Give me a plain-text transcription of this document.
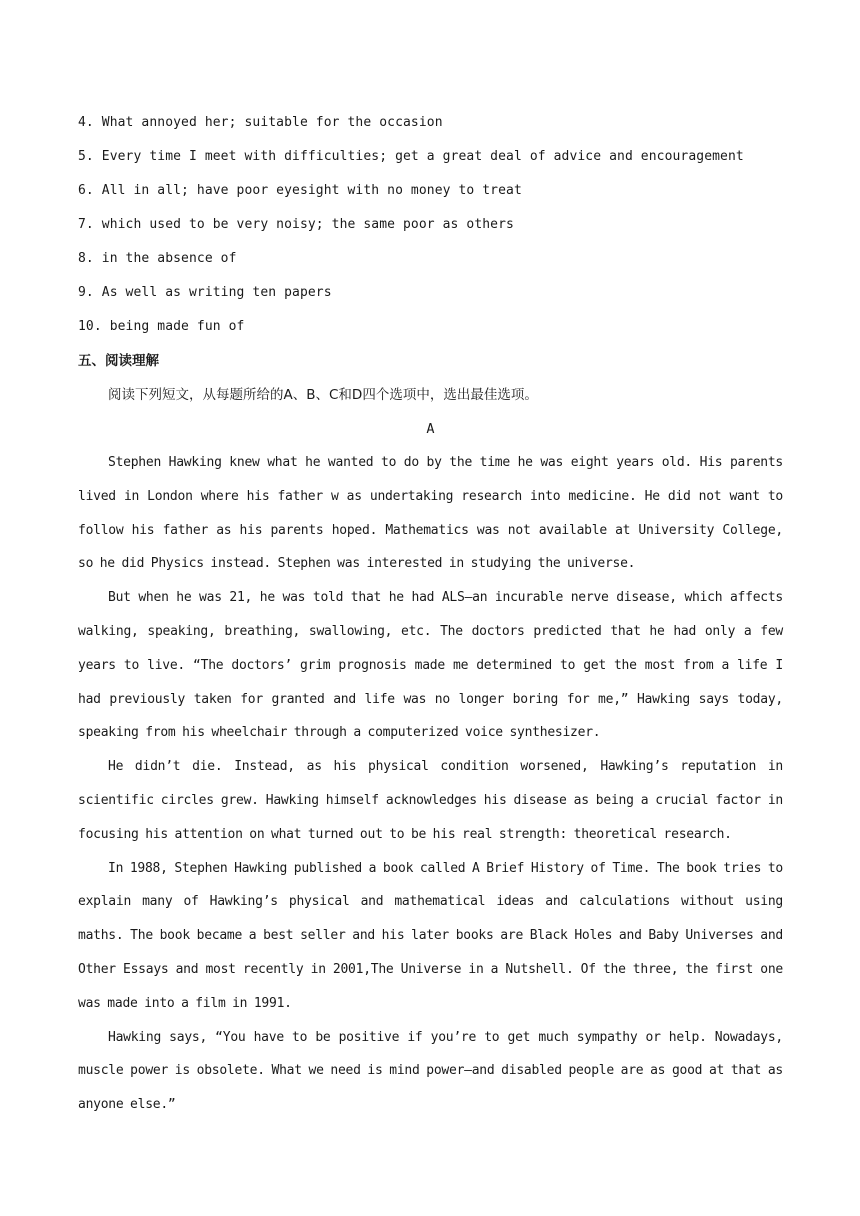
4. What annoyed her; suitable for the occasion
5. Every time I meet with difficulties; get a great deal of advice and encouragement
6. All in all; have poor eyesight with no money to treat
7. which used to be very noisy; the same poor as others
8. in the absence of
9. As well as writing ten papers
10. being made fun of
五、阅读理解
阅读下列短文，从每题所给的A、B、C和D四个选项中，选出最佳选项。
A

Stephen Hawking knew what he wanted to do by the time he was eight years old. His parents lived in London where his father w as undertaking research into medicine. He did not want to follow his father as his parents hoped. Mathematics was not available at University College, so he did Physics instead. Stephen was interested in studying the universe.

But when he was 21, he was told that he had ALS—an incurable nerve disease, which affects walking, speaking, breathing, swallowing, etc. The doctors predicted that he had only a few years to live. “The doctors’ grim prognosis made me determined to get the most from a life I had previously taken for granted and life was no longer boring for me,” Hawking says today, speaking from his wheelchair through a computerized voice synthesizer.

He didn’t die. Instead, as his physical condition worsened, Hawking’s reputation in scientific circles grew. Hawking himself acknowledges his disease as being a crucial factor in focusing his attention on what turned out to be his real strength: theoretical research.

In 1988, Stephen Hawking published a book called A Brief History of Time. The book tries to explain many of Hawking’s physical and mathematical ideas and calculations without using maths. The book became a best seller and his later books are Black Holes and Baby Universes and Other Essays and most recently in 2001,The Universe in a Nutshell. Of the three, the first one was made into a film in 1991.

Hawking says, “You have to be positive if you’re to get much sympathy or help. Nowadays, muscle power is obsolete. What we need is mind power—and disabled people are as good at that as anyone else.”
